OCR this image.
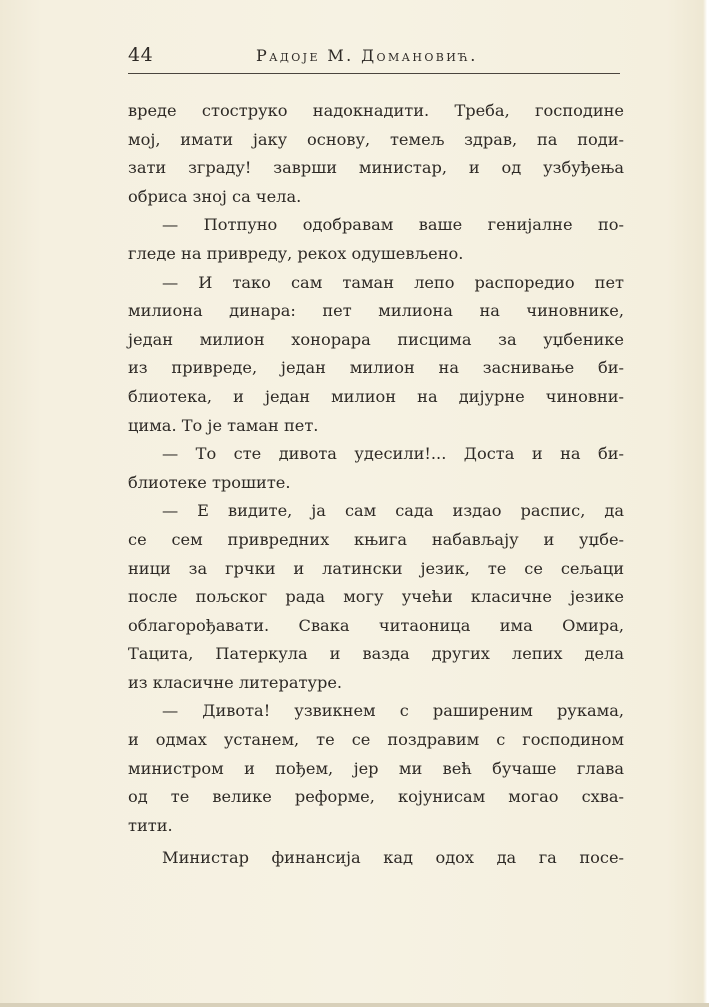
44	Радоје М. Домановић.
вреде стоструко надокнадити. Треба, господине
мој, имати јаку основу, темељ здрав, па поди-
зати зграду! заврши министар, и од узбуђења
обриса зној са чела.
— Потпуно одобравам ваше генијалне по-
гледе на привреду, рекох одушевљено.
— И тако сам таман лепо распоредио пет
милиона динара: пет милиона на чиновнике,
један милион хонорара писцима за уџбенике
из привреде, један милион на заснивање би-
блиотека, и један милион на дијурне чиновни-
цима. То је таман пет.
— То сте дивота удесили!... Доста и на би-
блиотеке трошите.
— Е видите, ја сам сада издао распис, да
се сем привредних књига набављају и уџбе-
ници за грчки и латински језик, те се сељаци
после пољског рада могу учећи класичне језике
облагорођавати. Свака читаоница има Омира,
Тацита, Патеркула и вазда других лепих дела
из класичне литературе.
— Дивота! узвикнем с раширеним рукама,
и одмах устанем, те се поздравим с господином
министром и пођем, јер ми већ бучаше глава
од те велике реформе, којунисам могао схва-
тити.
Министар финансија кад одох да га посе-
